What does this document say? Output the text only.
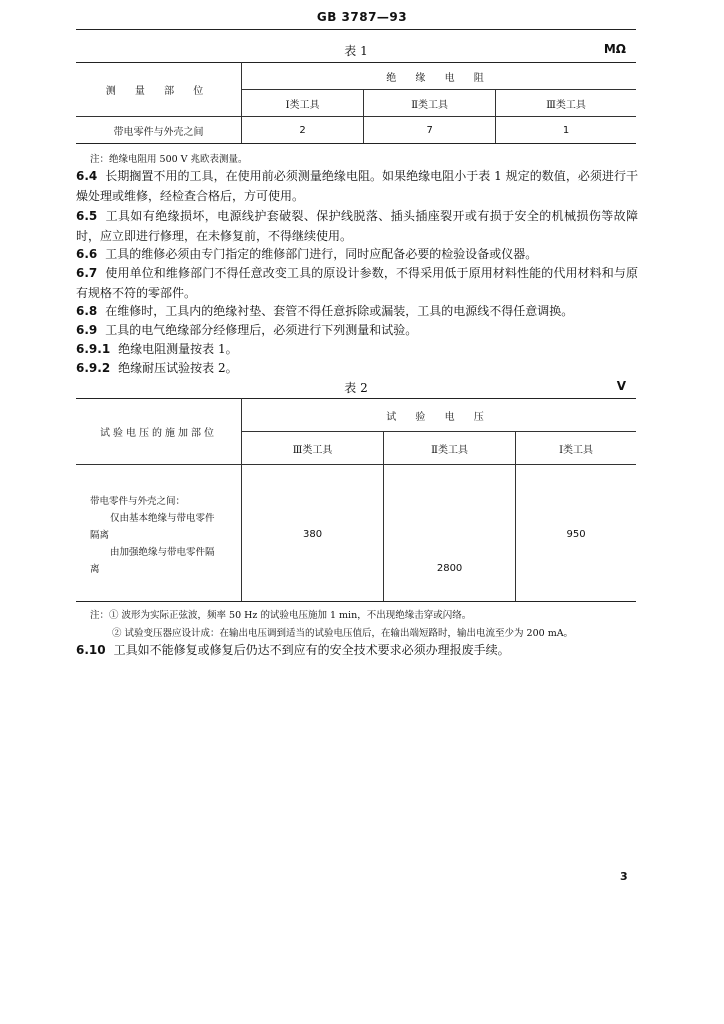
GB 3787—93
表 1	MΩ
测 量 部 位	绝 缘 电 阻		
	Ⅰ类工具	Ⅱ类工具	Ⅲ类工具
带电零件与外壳之间	2	7	1
注：绝缘电阻用 500 V 兆欧表测量。
6.4 长期搁置不用的工具，在使用前必须测量绝缘电阻。如果绝缘电阻小于表 1 规定的数值，必须进行干燥处理或维修，经检查合格后，方可使用。
6.5 工具如有绝缘损坏，电源线护套破裂、保护线脱落、插头插座裂开或有损于安全的机械损伤等故障时，应立即进行修理，在未修复前，不得继续使用。
6.6 工具的维修必须由专门指定的维修部门进行，同时应配备必要的检验设备或仪器。
6.7 使用单位和维修部门不得任意改变工具的原设计参数，不得采用低于原用材料性能的代用材料和与原有规格不符的零部件。
6.8 在维修时，工具内的绝缘衬垫、套管不得任意拆除或漏装，工具的电源线不得任意调换。
6.9 工具的电气绝缘部分经修理后，必须进行下列测量和试验。
6.9.1 绝缘电阻测量按表 1。
6.9.2 绝缘耐压试验按表 2。
表 2	V
试验电压的施加部位	试 验 电 压		
	Ⅲ类工具	Ⅱ类工具	Ⅰ类工具

带电零件与外壳之间：
仅由基本绝缘与带电零件
隔离
由加强绝缘与带电零件隔
离	380	2800	950
注：① 波形为实际正弦波，频率 50 Hz 的试验电压施加 1 min，不出现绝缘击穿或闪络。
② 试验变压器应设计成：在输出电压调到适当的试验电压值后，在输出端短路时，输出电流至少为 200 mA。
6.10 工具如不能修复或修复后仍达不到应有的安全技术要求必须办理报废手续。
3
